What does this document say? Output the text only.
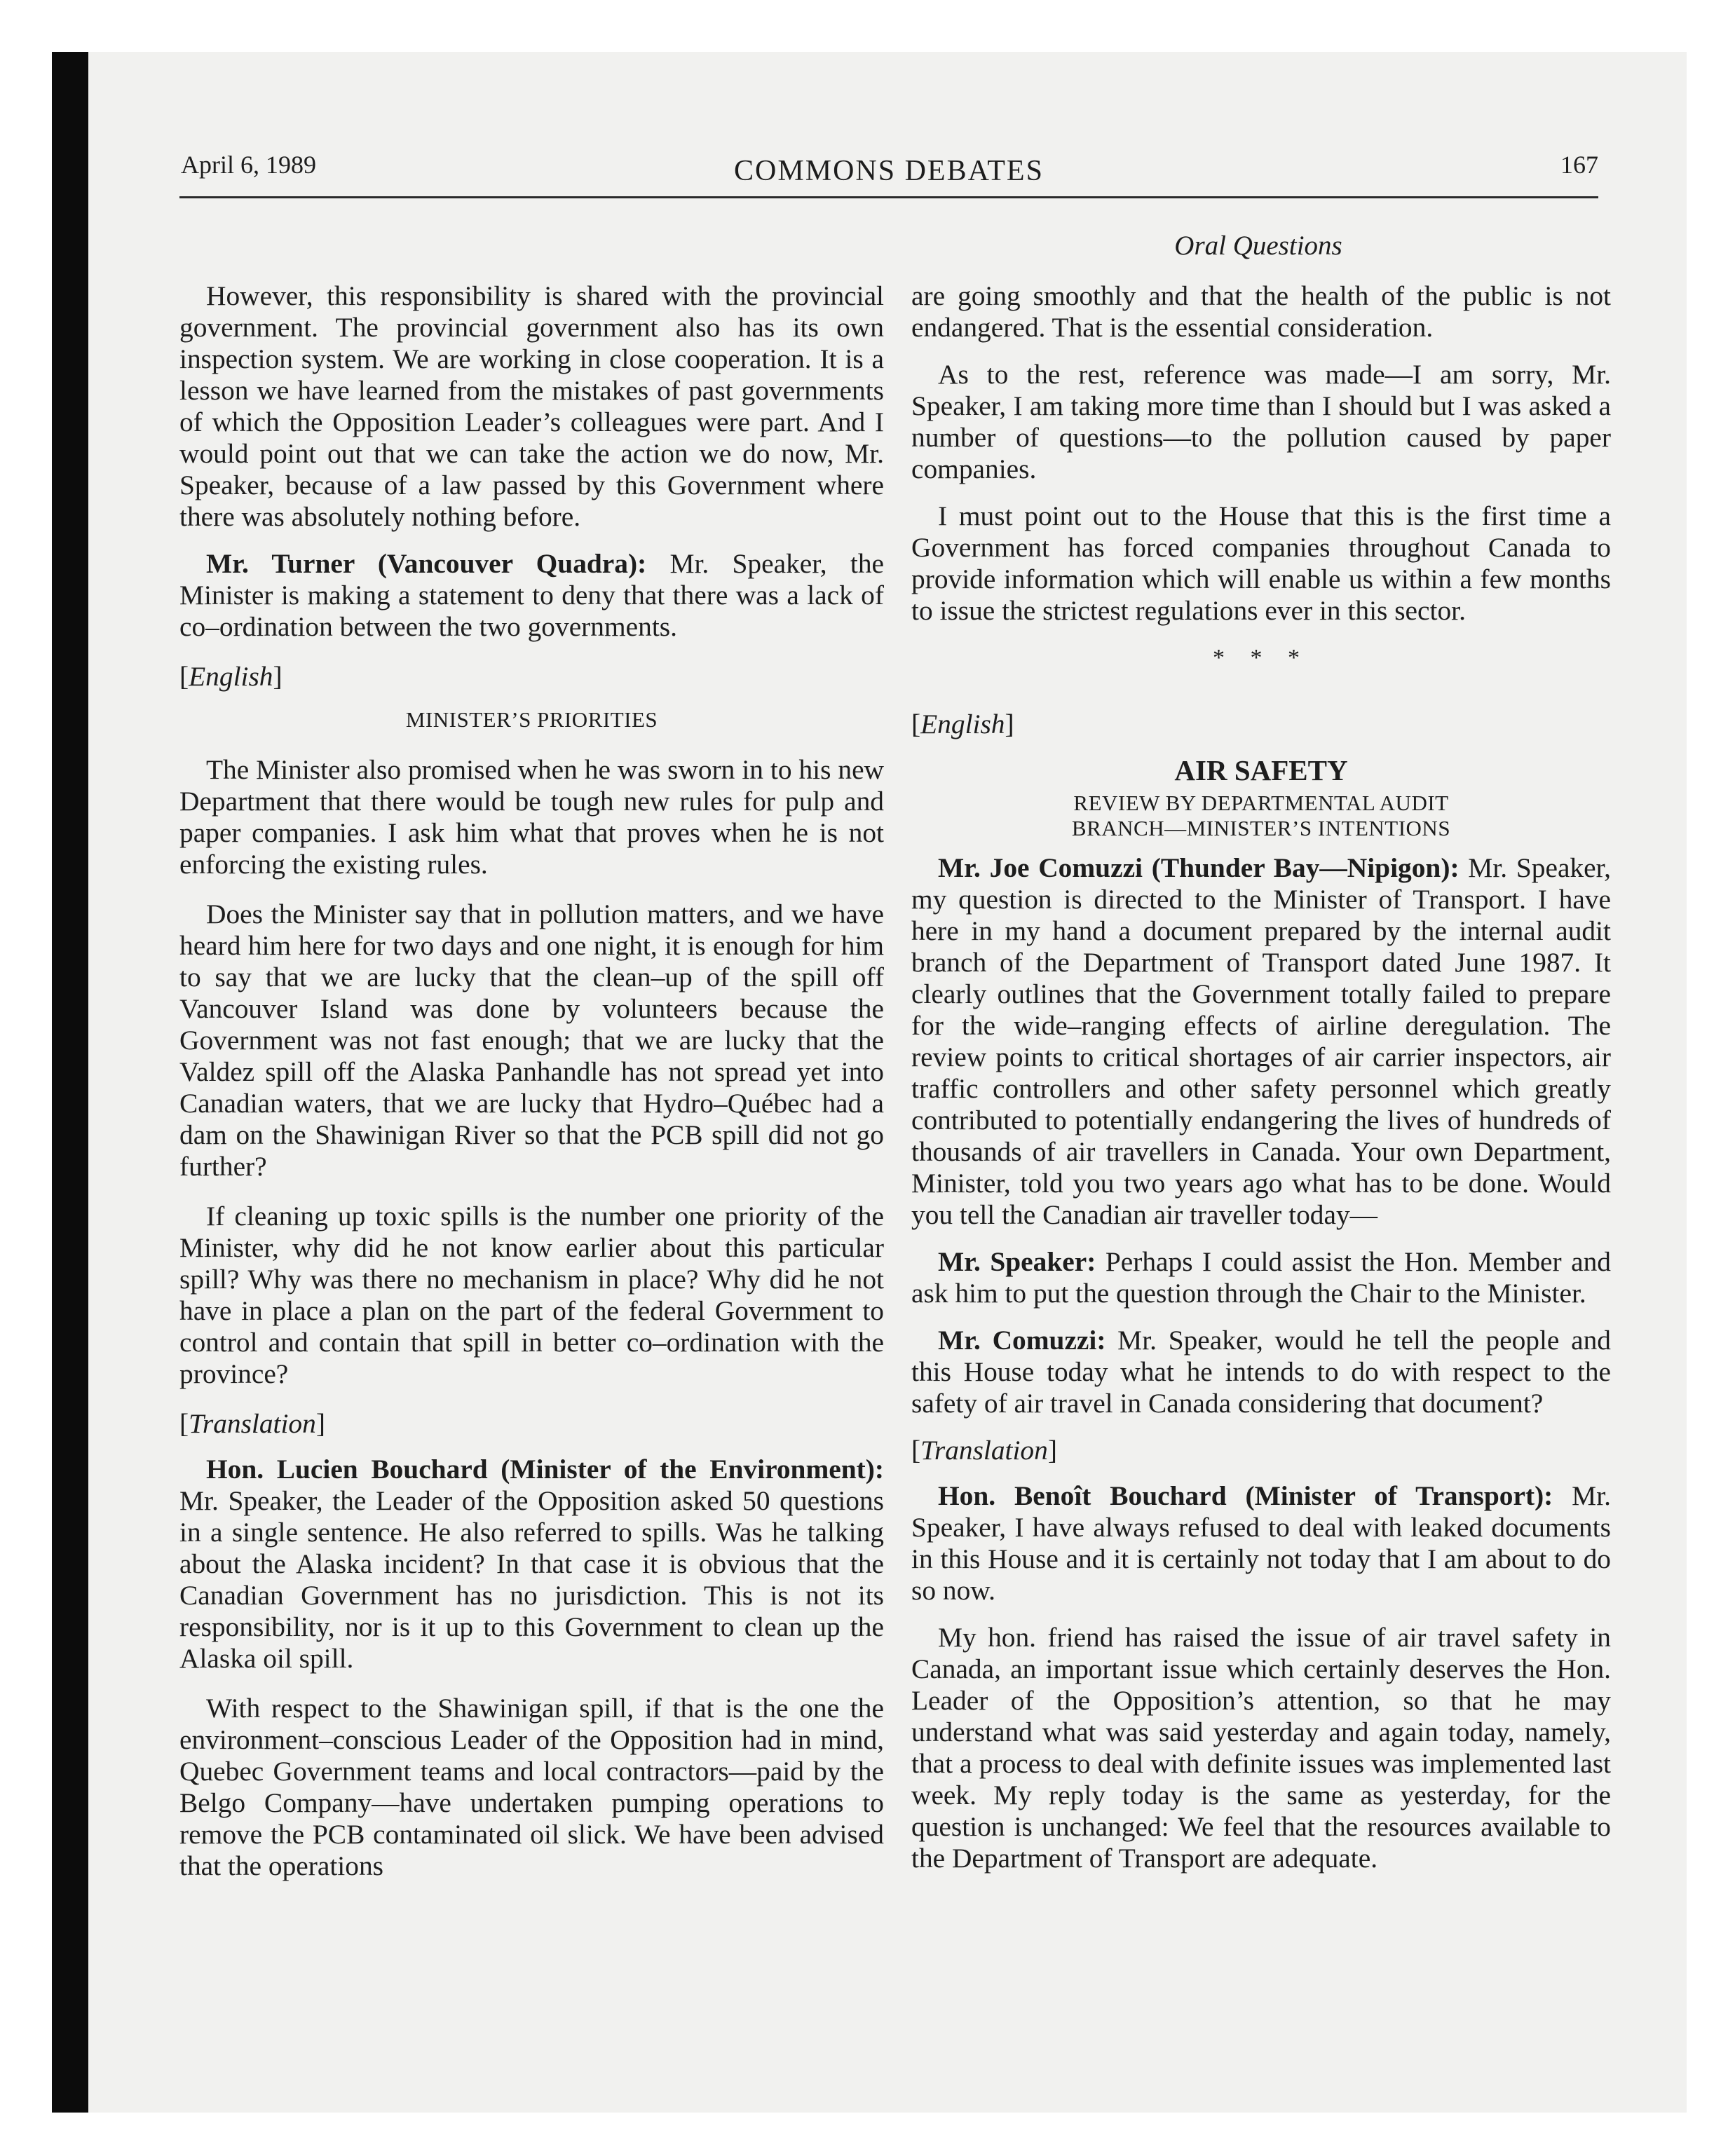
April 6, 1989	COMMONS DEBATES	167
Oral Questions

However, this responsibility is shared with the provincial government. The provincial government also has its own inspection system. We are working in close cooperation. It is a lesson we have learned from the mistakes of past governments of which the Opposition Leader’s colleagues were part. And I would point out that we can take the action we do now, Mr. Speaker, because of a law passed by this Government where there was absolutely nothing before.

Mr. Turner (Vancouver Quadra): Mr. Speaker, the Minister is making a statement to deny that there was a lack of co–ordination between the two governments.

[English]
MINISTER’S PRIORITIES

The Minister also promised when he was sworn in to his new Department that there would be tough new rules for pulp and paper companies. I ask him what that proves when he is not enforcing the existing rules.

Does the Minister say that in pollution matters, and we have heard him here for two days and one night, it is enough for him to say that we are lucky that the clean–up of the spill off Vancouver Island was done by volunteers because the Government was not fast enough; that we are lucky that the Valdez spill off the Alaska Panhandle has not spread yet into Canadian waters, that we are lucky that Hydro–Québec had a dam on the Shawinigan River so that the PCB spill did not go further?

If cleaning up toxic spills is the number one priority of the Minister, why did he not know earlier about this particular spill? Why was there no mechanism in place? Why did he not have in place a plan on the part of the federal Government to control and contain that spill in better co–ordination with the province?

[Translation]

Hon. Lucien Bouchard (Minister of the Environment): Mr. Speaker, the Leader of the Opposition asked 50 questions in a single sentence. He also referred to spills. Was he talking about the Alaska incident? In that case it is obvious that the Canadian Government has no jurisdiction. This is not its responsibility, nor is it up to this Government to clean up the Alaska oil spill.

With respect to the Shawinigan spill, if that is the one the environment–conscious Leader of the Opposition had in mind, Quebec Government teams and local contractors—paid by the Belgo Company—have undertaken pumping operations to remove the PCB contaminated oil slick. We have been advised that the operations

are going smoothly and that the health of the public is not endangered. That is the essential consideration.

As to the rest, reference was made—I am sorry, Mr. Speaker, I am taking more time than I should but I was asked a number of questions—to the pollution caused by paper companies.

I must point out to the House that this is the first time a Government has forced companies throughout Canada to provide information which will enable us within a few months to issue the strictest regulations ever in this sector.

* * *
[English]
AIR SAFETY
REVIEW BY DEPARTMENTAL AUDIT
BRANCH—MINISTER’S INTENTIONS

Mr. Joe Comuzzi (Thunder Bay—Nipigon): Mr. Speaker, my question is directed to the Minister of Transport. I have here in my hand a document prepared by the internal audit branch of the Department of Transport dated June 1987. It clearly outlines that the Government totally failed to prepare for the wide–ranging effects of airline deregulation. The review points to critical shortages of air carrier inspectors, air traffic controllers and other safety personnel which greatly contributed to potentially endangering the lives of hundreds of thousands of air travellers in Canada. Your own Department, Minister, told you two years ago what has to be done. Would you tell the Canadian air traveller today—

Mr. Speaker: Perhaps I could assist the Hon. Member and ask him to put the question through the Chair to the Minister.

Mr. Comuzzi: Mr. Speaker, would he tell the people and this House today what he intends to do with respect to the safety of air travel in Canada considering that document?

[Translation]

Hon. Benoît Bouchard (Minister of Transport): Mr. Speaker, I have always refused to deal with leaked documents in this House and it is certainly not today that I am about to do so now.

My hon. friend has raised the issue of air travel safety in Canada, an important issue which certainly deserves the Hon. Leader of the Opposition’s attention, so that he may understand what was said yesterday and again today, namely, that a process to deal with definite issues was implemented last week. My reply today is the same as yesterday, for the question is unchanged: We feel that the resources available to the Department of Transport are adequate.
